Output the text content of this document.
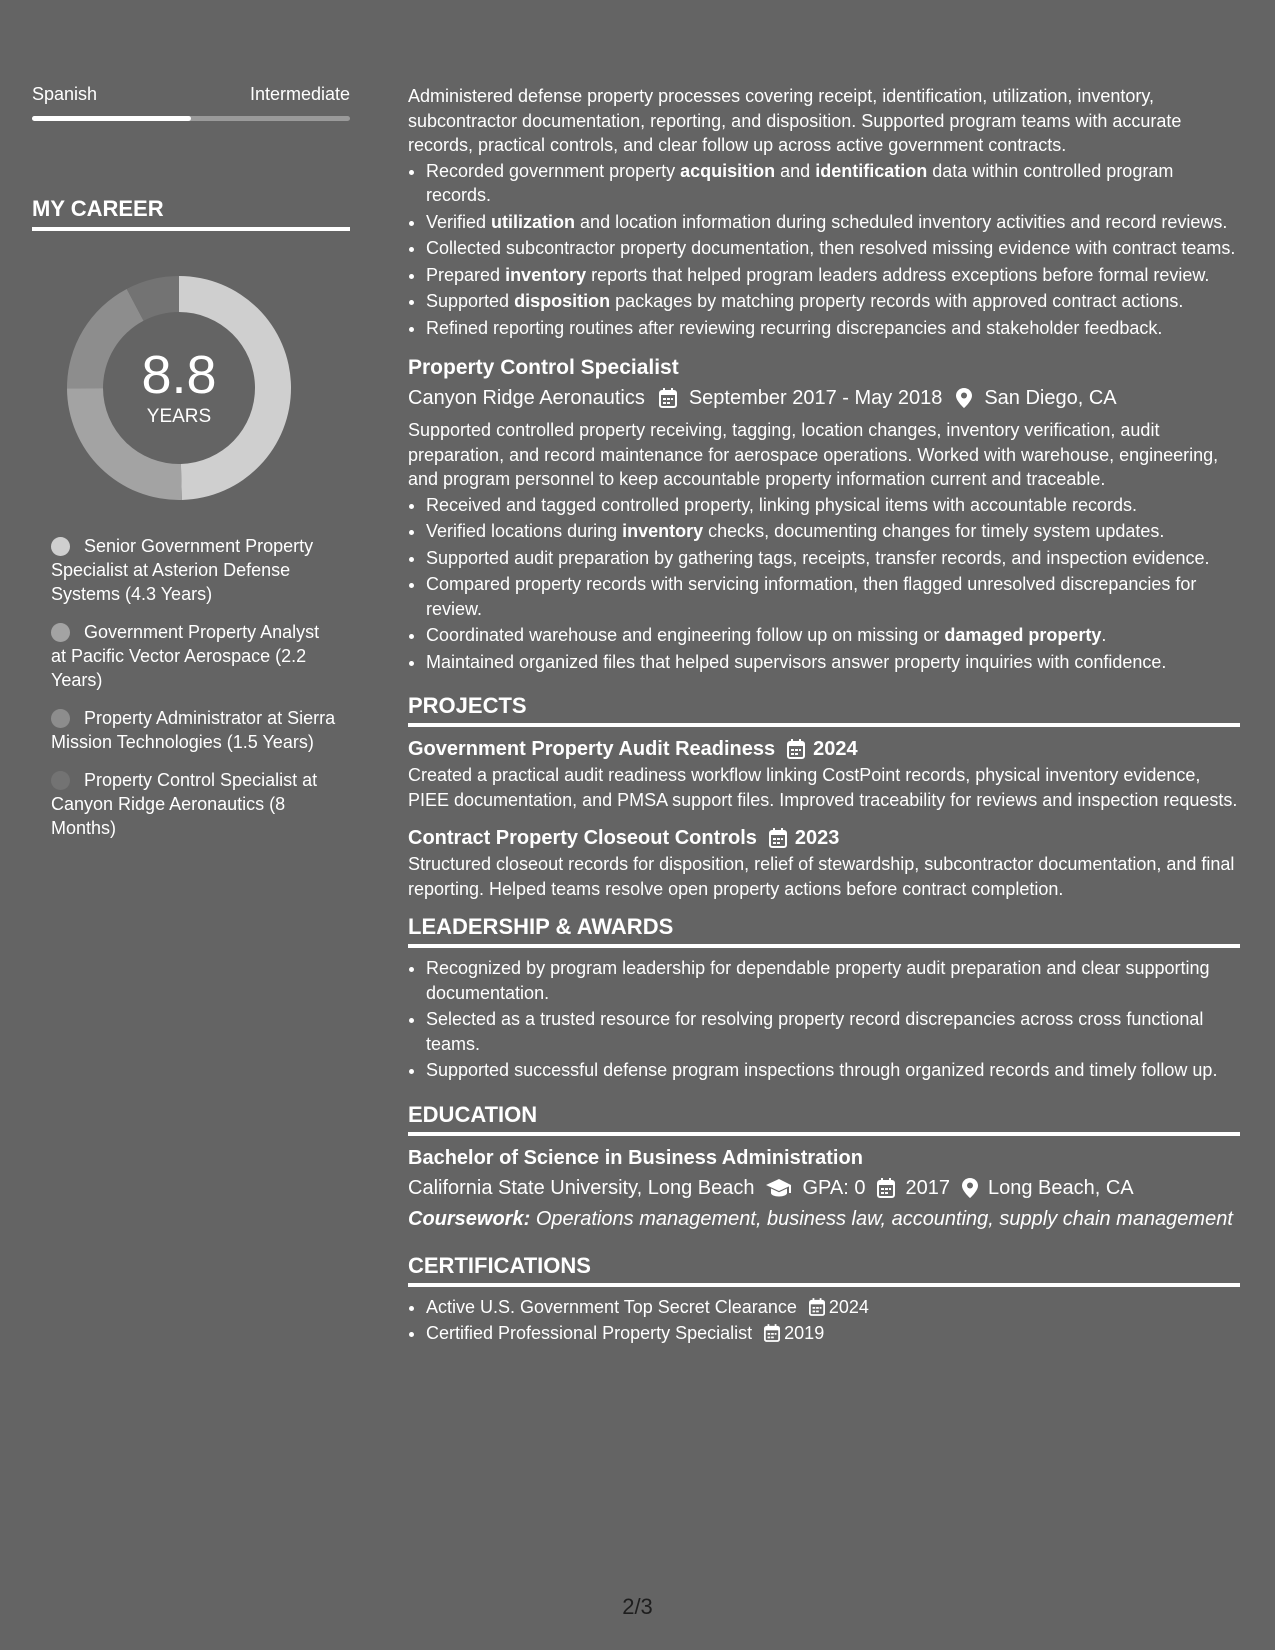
Spanish	Intermediate
MY CAREER
8.8
YEARS
Senior Government Property Specialist at Asterion Defense Systems (4.3 Years)
Government Property Analyst at Pacific Vector Aerospace (2.2 Years)
Property Administrator at Sierra Mission Technologies (1.5 Years)
Property Control Specialist at Canyon Ridge Aeronautics (8 Months)

Administered defense property processes covering receipt, identification, utilization, inventory, subcontractor documentation, reporting, and disposition. Supported program teams with accurate records, practical controls, and clear follow up across active government contracts.

• Recorded government property acquisition and identification data within controlled program records.
• Verified utilization and location information during scheduled inventory activities and record reviews.
• Collected subcontractor property documentation, then resolved missing evidence with contract teams.
• Prepared inventory reports that helped program leaders address exceptions before formal review.
• Supported disposition packages by matching property records with approved contract actions.
• Refined reporting routines after reviewing recurring discrepancies and stakeholder feedback.
Property Control Specialist
Canyon Ridge Aeronautics September 2017 - May 2018 San Diego, CA

Supported controlled property receiving, tagging, location changes, inventory verification, audit preparation, and record maintenance for aerospace operations. Worked with warehouse, engineering, and program personnel to keep accountable property information current and traceable.

• Received and tagged controlled property, linking physical items with accountable records.
• Verified locations during inventory checks, documenting changes for timely system updates.
• Supported audit preparation by gathering tags, receipts, transfer records, and inspection evidence.
• Compared property records with servicing information, then flagged unresolved discrepancies for review.
• Coordinated warehouse and engineering follow up on missing or damaged property.
• Maintained organized files that helped supervisors answer property inquiries with confidence.
PROJECTS
Government Property Audit Readiness 2024

Created a practical audit readiness workflow linking CostPoint records, physical inventory evidence, PIEE documentation, and PMSA support files. Improved traceability for reviews and inspection requests.

Contract Property Closeout Controls 2023

Structured closeout records for disposition, relief of stewardship, subcontractor documentation, and final reporting. Helped teams resolve open property actions before contract completion.

LEADERSHIP & AWARDS
• Recognized by program leadership for dependable property audit preparation and clear supporting documentation.
• Selected as a trusted resource for resolving property record discrepancies across cross functional teams.
• Supported successful defense program inspections through organized records and timely follow up.
EDUCATION
Bachelor of Science in Business Administration
California State University, Long Beach GPA: 0 2017 Long Beach, CA
Coursework: Operations management, business law, accounting, supply chain management
CERTIFICATIONS
• Active U.S. Government Top Secret Clearance 2024
• Certified Professional Property Specialist 2019
2/3
